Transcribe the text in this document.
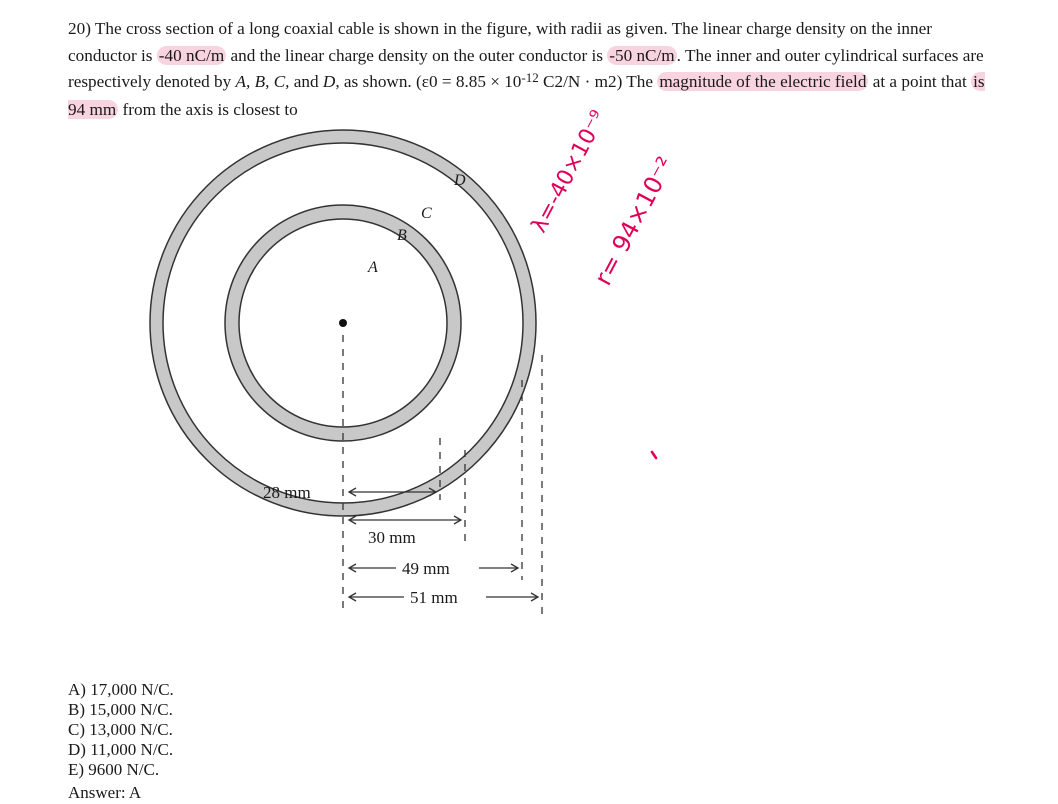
20) The cross section of a long coaxial cable is shown in the figure, with radii as given. The linear charge density on the inner conductor is -40 nC/m and the linear charge density on the outer conductor is -50 nC/m . The inner and outer cylindrical surfaces are respectively denoted by A, B, C, and D, as shown. ($\varepsilon 0 = 8.85 \times 10^{-12}$ C2/N · m2) The magnitude of the electric field at a point that is 94 mm from the axis is closest to

D
C
B
A
28 mm
30 mm
49 mm
51 mm
λ=-40×10⁻⁹
r= 94×10⁻²
A) 17,000 N/C.
B) 15,000 N/C.
C) 13,000 N/C.
D) 11,000 N/C.
E) 9600 N/C.
Answer: A
